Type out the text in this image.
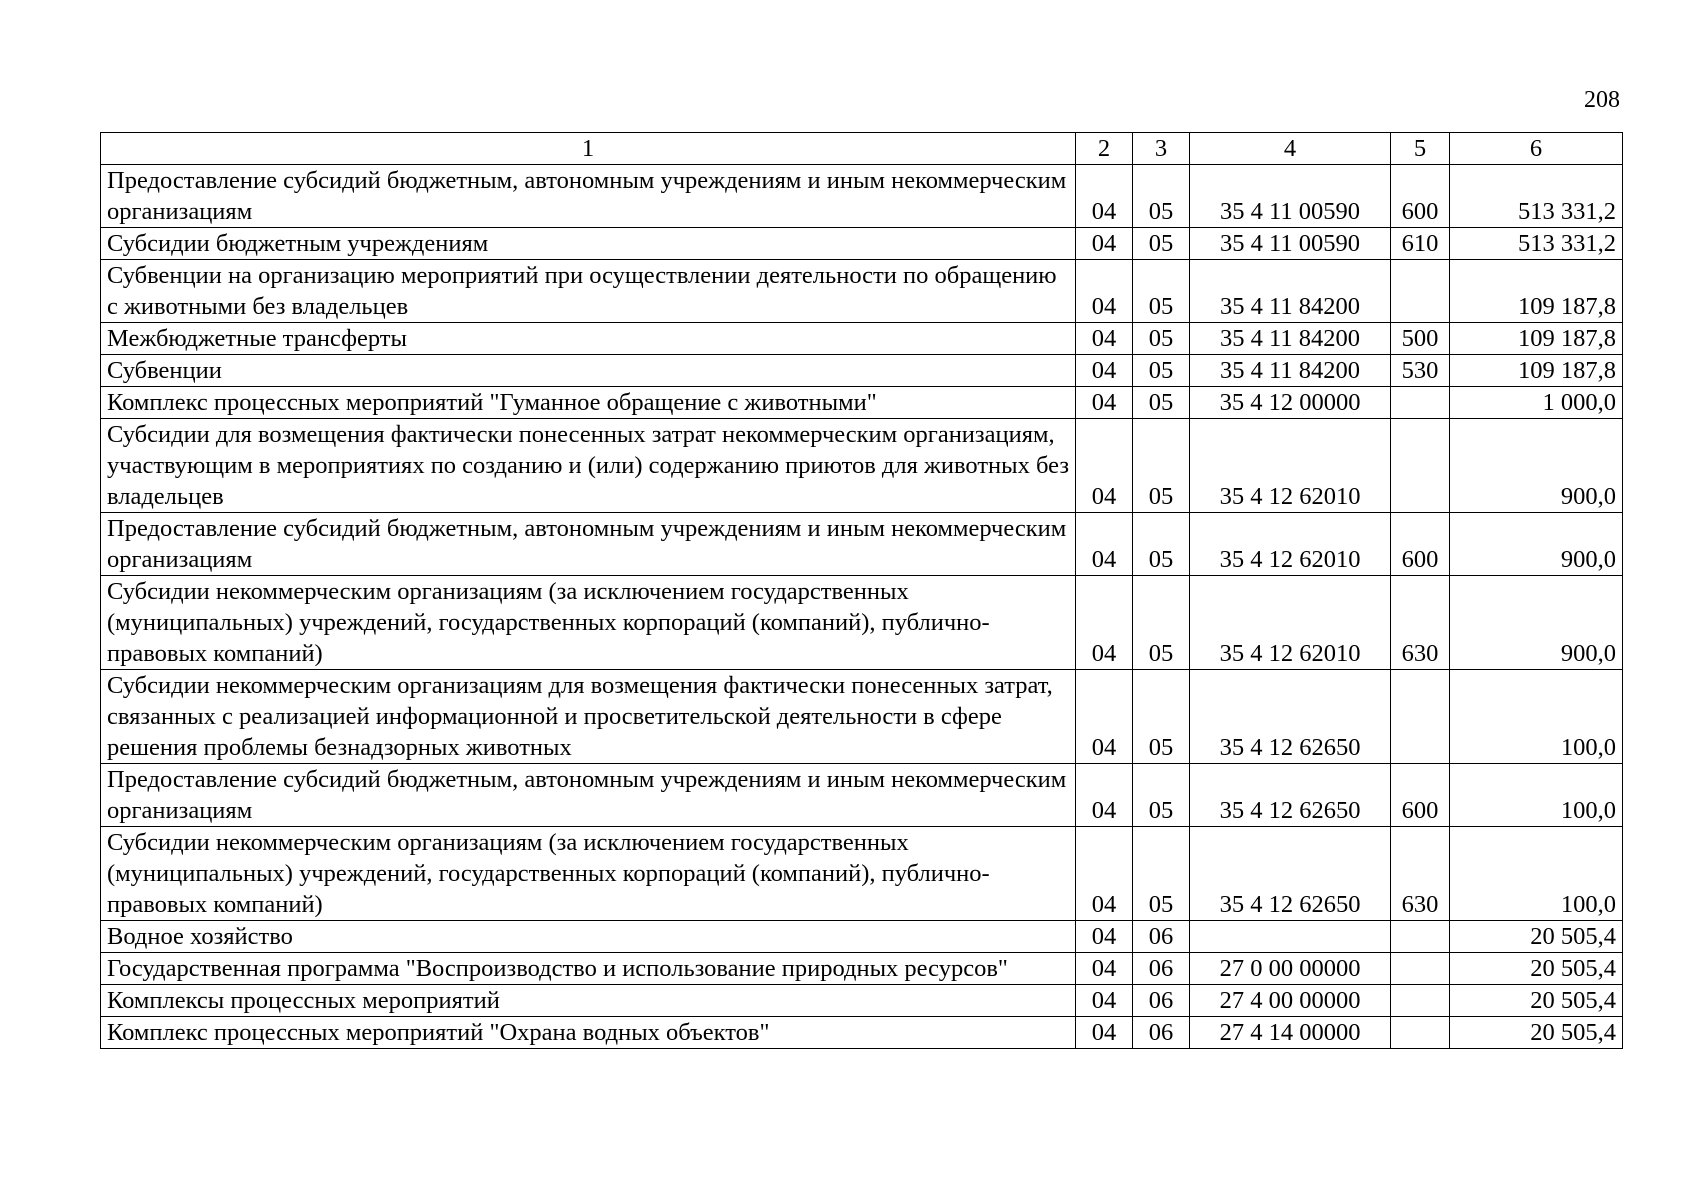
208
1	2	3	4	5	6
Предоставление субсидий бюджетным, автономным учреждениям и иным некоммерческим организациям	04	05	35 4 11 00590	600	513 331,2
Субсидии бюджетным учреждениям	04	05	35 4 11 00590	610	513 331,2
Субвенции на организацию мероприятий при осуществлении деятельности по обращению с животными без владельцев	04	05	35 4 11 84200		109 187,8
Межбюджетные трансферты	04	05	35 4 11 84200	500	109 187,8
Субвенции	04	05	35 4 11 84200	530	109 187,8
Комплекс процессных мероприятий "Гуманное обращение с животными"	04	05	35 4 12 00000		1 000,0
Субсидии для возмещения фактически понесенных затрат некоммерческим организациям, участвующим в мероприятиях по созданию и (или) содержанию приютов для животных без владельцев	04	05	35 4 12 62010		900,0
Предоставление субсидий бюджетным, автономным учреждениям и иным некоммерческим организациям	04	05	35 4 12 62010	600	900,0
Субсидии некоммерческим организациям (за исключением государственных (муниципальных) учреждений, государственных корпораций (компаний), публично-правовых компаний)	04	05	35 4 12 62010	630	900,0
Субсидии некоммерческим организациям для возмещения фактически понесенных затрат, связанных с реализацией информационной и просветительской деятельности в сфере решения проблемы безнадзорных животных	04	05	35 4 12 62650		100,0
Предоставление субсидий бюджетным, автономным учреждениям и иным некоммерческим организациям	04	05	35 4 12 62650	600	100,0
Субсидии некоммерческим организациям (за исключением государственных (муниципальных) учреждений, государственных корпораций (компаний), публично-правовых компаний)	04	05	35 4 12 62650	630	100,0
Водное хозяйство	04	06			20 505,4
Государственная программа "Воспроизводство и использование природных ресурсов"	04	06	27 0 00 00000		20 505,4
Комплексы процессных мероприятий	04	06	27 4 00 00000		20 505,4
Комплекс процессных мероприятий "Охрана водных объектов"	04	06	27 4 14 00000		20 505,4
